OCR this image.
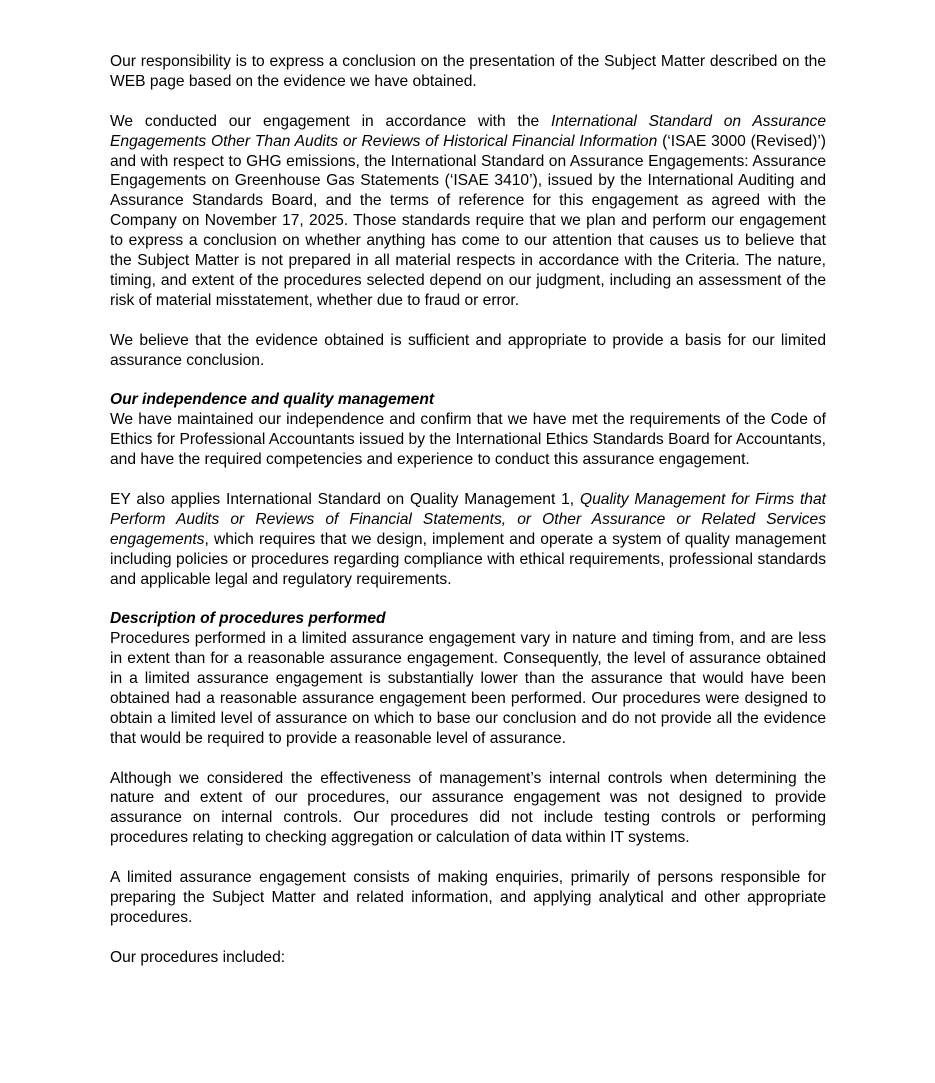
Our responsibility is to express a conclusion on the presentation of the Subject Matter described on the WEB page based on the evidence we have obtained.

We conducted our engagement in accordance with the International Standard on Assurance Engagements Other Than Audits or Reviews of Historical Financial Information (‘ISAE 3000 (Revised)’) and with respect to GHG emissions, the International Standard on Assurance Engagements: Assurance Engagements on Greenhouse Gas Statements (‘ISAE 3410’), issued by the International Auditing and Assurance Standards Board, and the terms of reference for this engagement as agreed with the Company on November 17, 2025. Those standards require that we plan and perform our engagement to express a conclusion on whether anything has come to our attention that causes us to believe that the Subject Matter is not prepared in all material respects in accordance with the Criteria. The nature, timing, and extent of the procedures selected depend on our judgment, including an assessment of the risk of material misstatement, whether due to fraud or error.

We believe that the evidence obtained is sufficient and appropriate to provide a basis for our limited assurance conclusion.

Our independence and quality management

We have maintained our independence and confirm that we have met the requirements of the Code of Ethics for Professional Accountants issued by the International Ethics Standards Board for Accountants, and have the required competencies and experience to conduct this assurance engagement.

EY also applies International Standard on Quality Management 1, Quality Management for Firms that Perform Audits or Reviews of Financial Statements, or Other Assurance or Related Services engagements, which requires that we design, implement and operate a system of quality management including policies or procedures regarding compliance with ethical requirements, professional standards and applicable legal and regulatory requirements.

Description of procedures performed

Procedures performed in a limited assurance engagement vary in nature and timing from, and are less in extent than for a reasonable assurance engagement. Consequently, the level of assurance obtained in a limited assurance engagement is substantially lower than the assurance that would have been obtained had a reasonable assurance engagement been performed. Our procedures were designed to obtain a limited level of assurance on which to base our conclusion and do not provide all the evidence that would be required to provide a reasonable level of assurance.

Although we considered the effectiveness of management’s internal controls when determining the nature and extent of our procedures, our assurance engagement was not designed to provide assurance on internal controls. Our procedures did not include testing controls or performing procedures relating to checking aggregation or calculation of data within IT systems.

A limited assurance engagement consists of making enquiries, primarily of persons responsible for preparing the Subject Matter and related information, and applying analytical and other appropriate procedures.

Our procedures included:
